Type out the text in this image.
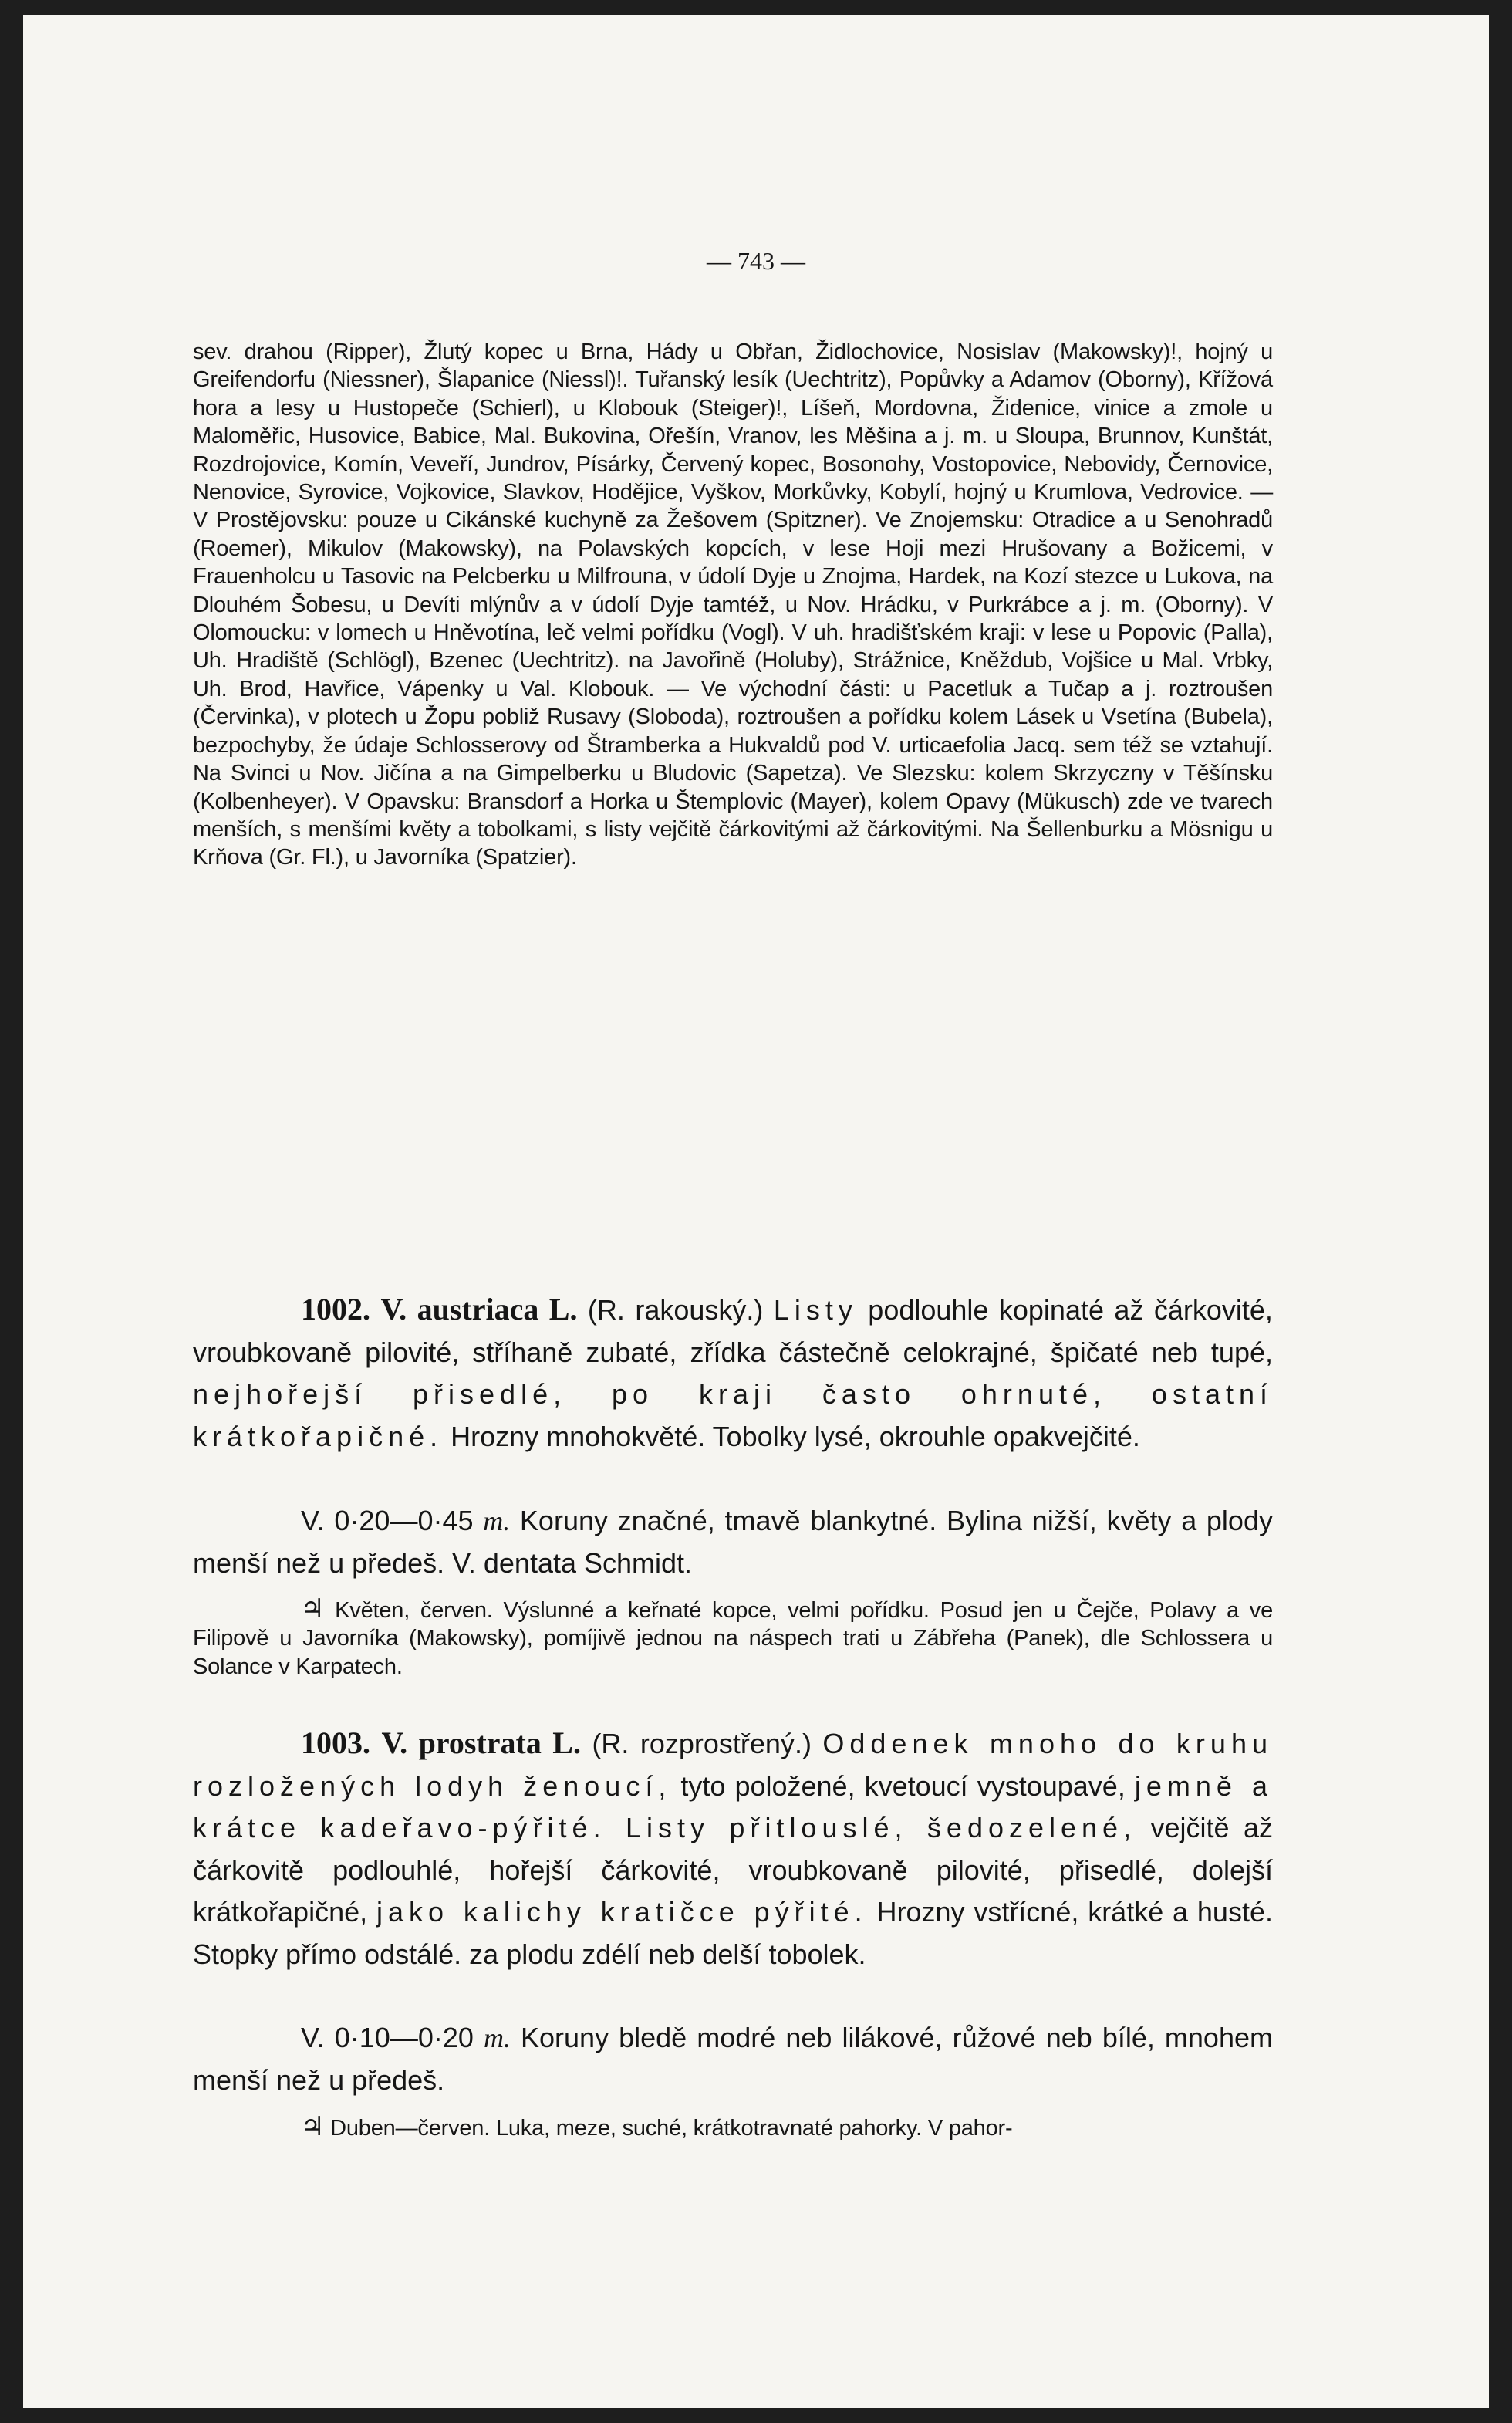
— 743 —

sev. drahou (Ripper), Žlutý kopec u Brna, Hády u Obřan, Židlochovice, Nosislav (Makowsky)!, hojný u Greifendorfu (Niessner), Šlapanice (Niessl)!. Tuřanský lesík (Uechtritz), Popůvky a Adamov (Oborny), Křížová hora a lesy u Hustopeče (Schierl), u Klobouk (Steiger)!, Líšeň, Mordovna, Židenice, vinice a zmole u Maloměřic, Husovice, Babice, Mal. Bukovina, Ořešín, Vranov, les Měšina a j. m. u Sloupa, Brunnov, Kunštát, Rozdrojovice, Komín, Veveří, Jundrov, Písárky, Červený kopec, Bosonohy, Vostopovice, Nebovidy, Černovice, Nenovice, Syrovice, Vojkovice, Slavkov, Hodějice, Vyškov, Morkůvky, Kobylí, hojný u Krumlova, Vedrovice. — V Prostějovsku: pouze u Cikánské kuchyně za Žešovem (Spitzner). Ve Znojemsku: Otradice a u Senohradů (Roemer), Mikulov (Makowsky), na Polavských kopcích, v lese Hoji mezi Hrušovany a Božicemi, v Frauenholcu u Tasovic na Pelcberku u Milfrouna, v údolí Dyje u Znojma, Hardek, na Kozí stezce u Lukova, na Dlouhém Šobesu, u Devíti mlýnův a v údolí Dyje tamtéž, u Nov. Hrádku, v Purkrábce a j. m. (Oborny). V Olomoucku: v lomech u Hněvotína, leč velmi pořídku (Vogl). V uh. hradišťském kraji: v lese u Popovic (Palla), Uh. Hradiště (Schlögl), Bzenec (Uechtritz). na Javořině (Holuby), Strážnice, Kněždub, Vojšice u Mal. Vrbky, Uh. Brod, Havřice, Vápenky u Val. Klobouk. — Ve východní části: u Pacetluk a Tučap a j. roztroušen (Červinka), v plotech u Žopu pobliž Rusavy (Sloboda), roztroušen a pořídku kolem Lásek u Vsetína (Bubela), bezpochyby, že údaje Schlosserovy od Štramberka a Hukvaldů pod V. urticaefolia Jacq. sem též se vztahují. Na Svinci u Nov. Jičína a na Gimpelberku u Bludovic (Sapetza). Ve Slezsku: kolem Skrzyczny v Těšínsku (Kolbenheyer). V Opavsku: Bransdorf a Horka u Štemplovic (Mayer), kolem Opavy (Mükusch) zde ve tvarech menších, s menšími květy a tobolkami, s listy vejčitě čárkovitými až čárkovitými. Na Šellenburku a Mösnigu u Krňova (Gr. Fl.), u Javorníka (Spatzier).

1002. V. austriaca L. (R. rakouský.) Listy podlouhle kopinaté až čárkovité, vroubkovaně pilovité, stříhaně zubaté, zřídka částečně celokrajné, špičaté neb tupé, nejhořejší přisedlé, po kraji často ohrnuté, ostatní krátkořapičné. Hrozny mnohokvěté. Tobolky lysé, okrouhle opakvejčité.

V. 0·20—0·45 m. Koruny značné, tmavě blankytné. Bylina nižší, květy a plody menší než u předeš. V. dentata Schmidt.

♃ Květen, červen. Výslunné a keřnaté kopce, velmi pořídku. Posud jen u Čejče, Polavy a ve Filipově u Javorníka (Makowsky), pomíjivě jednou na náspech trati u Zábřeha (Panek), dle Schlossera u Solance v Karpatech.

1003. V. prostrata L. (R. rozprostřený.) Oddenek mnoho do kruhu rozložených lodyh ženoucí, tyto položené, kvetoucí vystoupavé, jemně a krátce kadeřavo-pýřité. Listy přitlouslé, šedozelené, vejčitě až čárkovitě podlouhlé, hořejší čárkovité, vroubkovaně pilovité, přisedlé, dolejší krátkořapičné, jako kalichy kratičce pýřité. Hrozny vstřícné, krátké a husté. Stopky přímo odstálé. za plodu zdélí neb delší tobolek.

V. 0·10—0·20 m. Koruny bledě modré neb lilákové, růžové neb bílé, mnohem menší než u předeš.

♃ Duben—červen. Luka, meze, suché, krátkotravnaté pahorky. V pahor-
